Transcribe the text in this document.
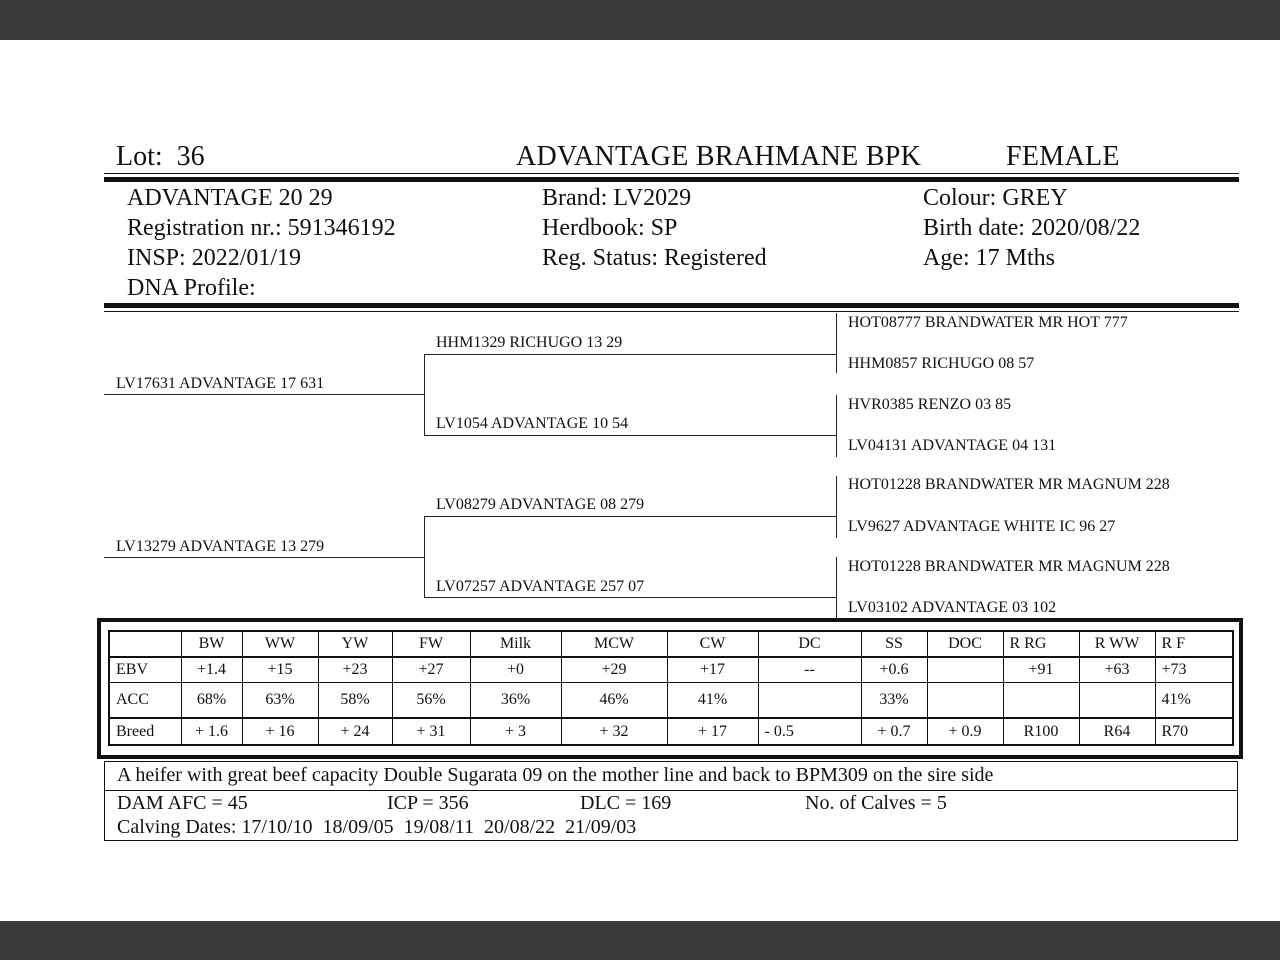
Lot: 36	ADVANTAGE BRAHMANE BPK	FEMALE
ADVANTAGE 20 29
Registration nr.: 591346192
INSP: 2022/01/19
DNA Profile:
Brand: LV2029
Herdbook: SP
Reg. Status: Registered
Colour: GREY
Birth date: 2020/08/22
Age: 17 Mths
LV17631 ADVANTAGE 17 631
LV13279 ADVANTAGE 13 279
HHM1329 RICHUGO 13 29
LV1054 ADVANTAGE 10 54
LV08279 ADVANTAGE 08 279
LV07257 ADVANTAGE 257 07
HOT08777 BRANDWATER MR HOT 777
HHM0857 RICHUGO 08 57
HVR0385 RENZO 03 85
LV04131 ADVANTAGE 04 131
HOT01228 BRANDWATER MR MAGNUM 228
LV9627 ADVANTAGE WHITE IC 96 27
HOT01228 BRANDWATER MR MAGNUM 228
LV03102 ADVANTAGE 03 102
	BW	WW	YW	FW	Milk	MCW	CW	DC	SS	DOC	R RG	R WW	R F
EBV	+1.4	+15	+23	+27	+0	+29	+17	--	+0.6		+91	+63	+73
ACC	68%	63%	58%	56%	36%	46%	41%		33%				41%
Breed	+ 1.6	+ 16	+ 24	+ 31	+ 3	+ 32	+ 17	- 0.5	+ 0.7	+ 0.9	R100	R64	R70
A heifer with great beef capacity Double Sugarata 09 on the mother line and back to BPM309 on the sire side
DAM AFC = 45	ICP = 356	DLC = 169	No. of Calves = 5
Calving Dates: 17/10/10  18/09/05  19/08/11  20/08/22  21/09/03
